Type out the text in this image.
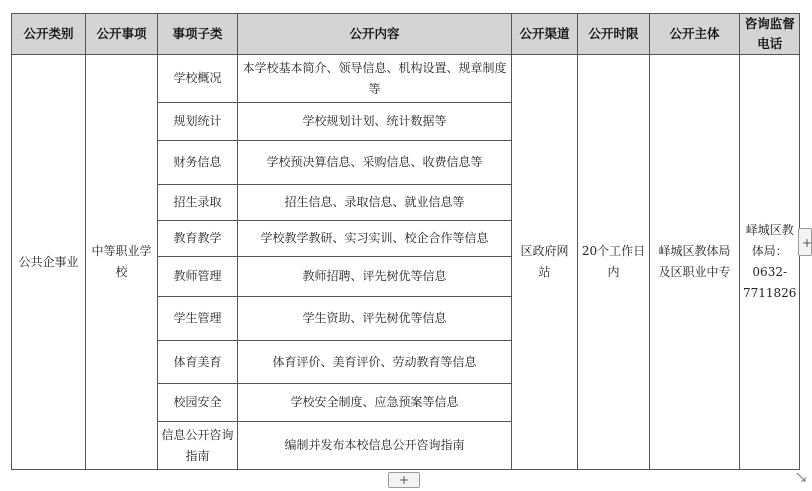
公开类别	公开事项	事项子类	公开内容	公开渠道	公开时限	公开主体	咨询监督电话
公共企事业	中等职业学校	学校概况	本学校基本简介、领导信息、机构设置、规章制度等	区政府网站	20个工作日内	峄城区教体局及区职业中专	峄城区教体局：0632-7711826
		规划统计	学校规划计划、统计数据等				
		财务信息	学校预决算信息、采购信息、收费信息等				
		招生录取	招生信息、录取信息、就业信息等				
		教育教学	学校教学教研、实习实训、校企合作等信息				
		教师管理	教师招聘、评先树优等信息				
		学生管理	学生资助、评先树优等信息				
		体育美育	体育评价、美育评价、劳动教育等信息				
		校园安全	学校安全制度、应急预案等信息				
		信息公开咨询指南	编制并发布本校信息公开咨询指南				
+
+
